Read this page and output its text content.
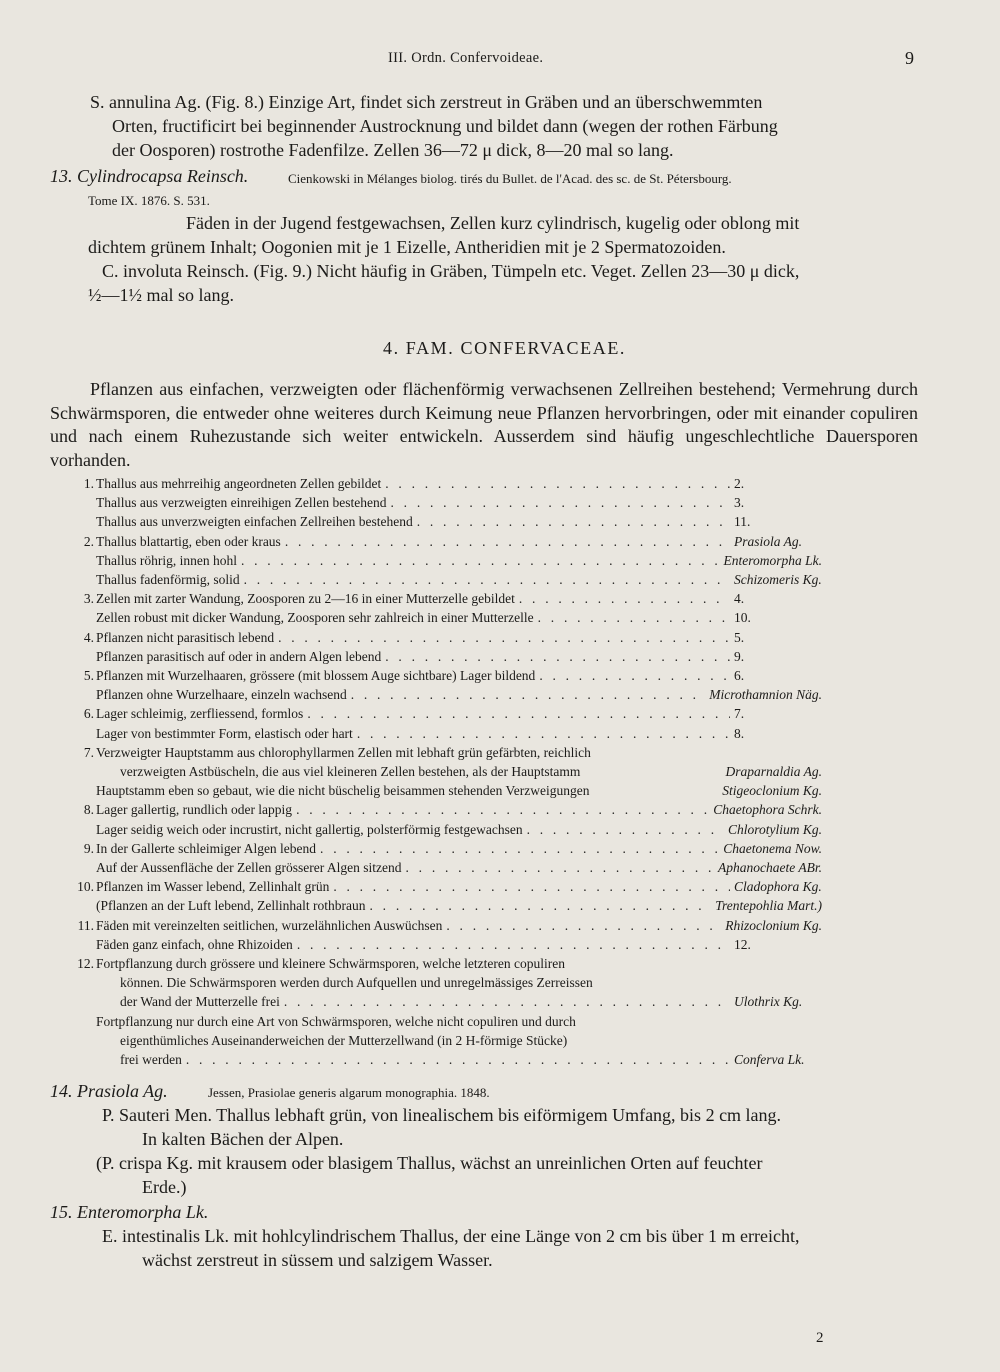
III. Ordn. Confervoideae.	9
S. annulina Ag. (Fig. 8.) Einzige Art, findet sich zerstreut in Gräben und an überschwemmten
Orten, fructificirt bei beginnender Austrocknung und bildet dann (wegen der rothen Färbung
der Oosporen) rostrothe Fadenfilze. Zellen 36—72 μ dick, 8—20 mal so lang.
13. Cylindrocapsa Reinsch.	Cienkowski in Mélanges biolog. tirés du Bullet. de l'Acad. des sc. de St. Pétersbourg.
Tome IX. 1876. S. 531.
Fäden in der Jugend festgewachsen, Zellen kurz cylindrisch, kugelig oder oblong mit
dichtem grünem Inhalt; Oogonien mit je 1 Eizelle, Antheridien mit je 2 Spermatozoiden.
C. involuta Reinsch. (Fig. 9.) Nicht häufig in Gräben, Tümpeln etc. Veget. Zellen 23—30 μ dick,
½—1½ mal so lang.
4. FAM. CONFERVACEAE.
Pflanzen aus einfachen, verzweigten oder flächenförmig verwachsenen Zellreihen bestehend; Vermehrung durch Schwärmsporen, die entweder ohne weiteres durch Keimung neue Pflanzen hervorbringen, oder mit einander copuliren und nach einem Ruhezustande sich weiter entwickeln. Ausserdem sind häufig ungeschlechtliche Dauersporen vorhanden.
1. Thallus aus mehrreihig angeordneten Zellen gebildet . . .	2.
Thallus aus verzweigten einreihigen Zellen bestehend . . .	3.
Thallus aus unverzweigten einfachen Zellreihen bestehend . . .	11.
2. Thallus blattartig, eben oder kraus . . .	Prasiola Ag.
Thallus röhrig, innen hohl . . .	Enteromorpha Lk.
Thallus fadenförmig, solid . . .	Schizomeris Kg.
3. Zellen mit zarter Wandung, Zoosporen zu 2—16 in einer Mutterzelle gebildet . . .	4.
Zellen robust mit dicker Wandung, Zoosporen sehr zahlreich in einer Mutterzelle . . .	10.
4. Pflanzen nicht parasitisch lebend . . .	5.
Pflanzen parasitisch auf oder in andern Algen lebend . . .	9.
5. Pflanzen mit Wurzelhaaren, grössere (mit blossem Auge sichtbare) Lager bildend . . .	6.
Pflanzen ohne Wurzelhaare, einzeln wachsend . . .	Microthamnion Näg.
6. Lager schleimig, zerfliessend, formlos . . .	7.
Lager von bestimmter Form, elastisch oder hart . . .	8.
7. Verzweigter Hauptstamm aus chlorophyllarmen Zellen mit lebhaft grün gefärbten, reichlich
verzweigten Astbüscheln, die aus viel kleineren Zellen bestehen, als der Hauptstamm	Draparnaldia Ag.
Hauptstamm eben so gebaut, wie die nicht büschelig beisammen stehenden Verzweigungen	Stigeoclonium Kg.
8. Lager gallertig, rundlich oder lappig . . .	Chaetophora Schrk.
Lager seidig weich oder incrustirt, nicht gallertig, polsterförmig festgewachsen . . .	Chlorotylium Kg.
9. In der Gallerte schleimiger Algen lebend . . .	Chaetonema Now.
Auf der Aussenfläche der Zellen grösserer Algen sitzend . . .	Aphanochaete ABr.
10. Pflanzen im Wasser lebend, Zellinhalt grün . . .	Cladophora Kg.
(Pflanzen an der Luft lebend, Zellinhalt rothbraun . . .	Trentepohlia Mart.)
11. Fäden mit vereinzelten seitlichen, wurzelähnlichen Auswüchsen . . .	Rhizoclonium Kg.
Fäden ganz einfach, ohne Rhizoiden . . .	12.
12. Fortpflanzung durch grössere und kleinere Schwärmsporen, welche letzteren copuliren
können. Die Schwärmsporen werden durch Aufquellen und unregelmässiges Zerreissen
der Wand der Mutterzelle frei . . .	Ulothrix Kg.
Fortpflanzung nur durch eine Art von Schwärmsporen, welche nicht copuliren und durch
eigenthümliches Auseinanderweichen der Mutterzellwand (in 2 H-förmige Stücke)
frei werden . . .	Conferva Lk.
14. Prasiola Ag.	Jessen, Prasiolae generis algarum monographia. 1848.
P. Sauteri Men. Thallus lebhaft grün, von linealischem bis eiförmigem Umfang, bis 2 cm lang.
In kalten Bächen der Alpen.
(P. crispa Kg. mit krausem oder blasigem Thallus, wächst an unreinlichen Orten auf feuchter
Erde.)
15. Enteromorpha Lk.
E. intestinalis Lk. mit hohlcylindrischem Thallus, der eine Länge von 2 cm bis über 1 m erreicht,
wächst zerstreut in süssem und salzigem Wasser.
2
